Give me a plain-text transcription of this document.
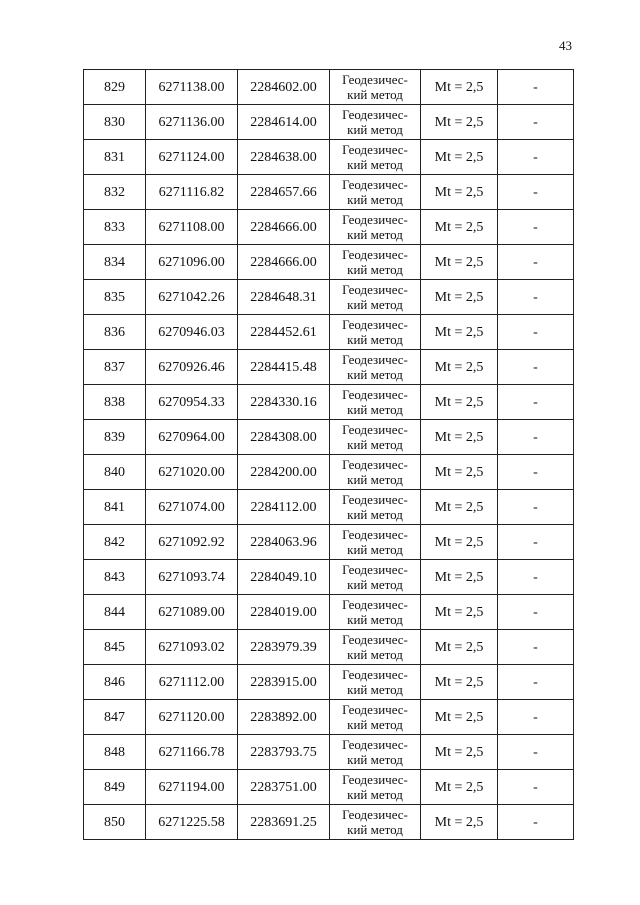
43
829	6271138.00	2284602.00	Геодезичес-
кий метод	Mt = 2,5	-
830	6271136.00	2284614.00	Геодезичес-
кий метод	Mt = 2,5	-
831	6271124.00	2284638.00	Геодезичес-
кий метод	Mt = 2,5	-
832	6271116.82	2284657.66	Геодезичес-
кий метод	Mt = 2,5	-
833	6271108.00	2284666.00	Геодезичес-
кий метод	Mt = 2,5	-
834	6271096.00	2284666.00	Геодезичес-
кий метод	Mt = 2,5	-
835	6271042.26	2284648.31	Геодезичес-
кий метод	Mt = 2,5	-
836	6270946.03	2284452.61	Геодезичес-
кий метод	Mt = 2,5	-
837	6270926.46	2284415.48	Геодезичес-
кий метод	Mt = 2,5	-
838	6270954.33	2284330.16	Геодезичес-
кий метод	Mt = 2,5	-
839	6270964.00	2284308.00	Геодезичес-
кий метод	Mt = 2,5	-
840	6271020.00	2284200.00	Геодезичес-
кий метод	Mt = 2,5	-
841	6271074.00	2284112.00	Геодезичес-
кий метод	Mt = 2,5	-
842	6271092.92	2284063.96	Геодезичес-
кий метод	Mt = 2,5	-
843	6271093.74	2284049.10	Геодезичес-
кий метод	Mt = 2,5	-
844	6271089.00	2284019.00	Геодезичес-
кий метод	Mt = 2,5	-
845	6271093.02	2283979.39	Геодезичес-
кий метод	Mt = 2,5	-
846	6271112.00	2283915.00	Геодезичес-
кий метод	Mt = 2,5	-
847	6271120.00	2283892.00	Геодезичес-
кий метод	Mt = 2,5	-
848	6271166.78	2283793.75	Геодезичес-
кий метод	Mt = 2,5	-
849	6271194.00	2283751.00	Геодезичес-
кий метод	Mt = 2,5	-
850	6271225.58	2283691.25	Геодезичес-
кий метод	Mt = 2,5	-
